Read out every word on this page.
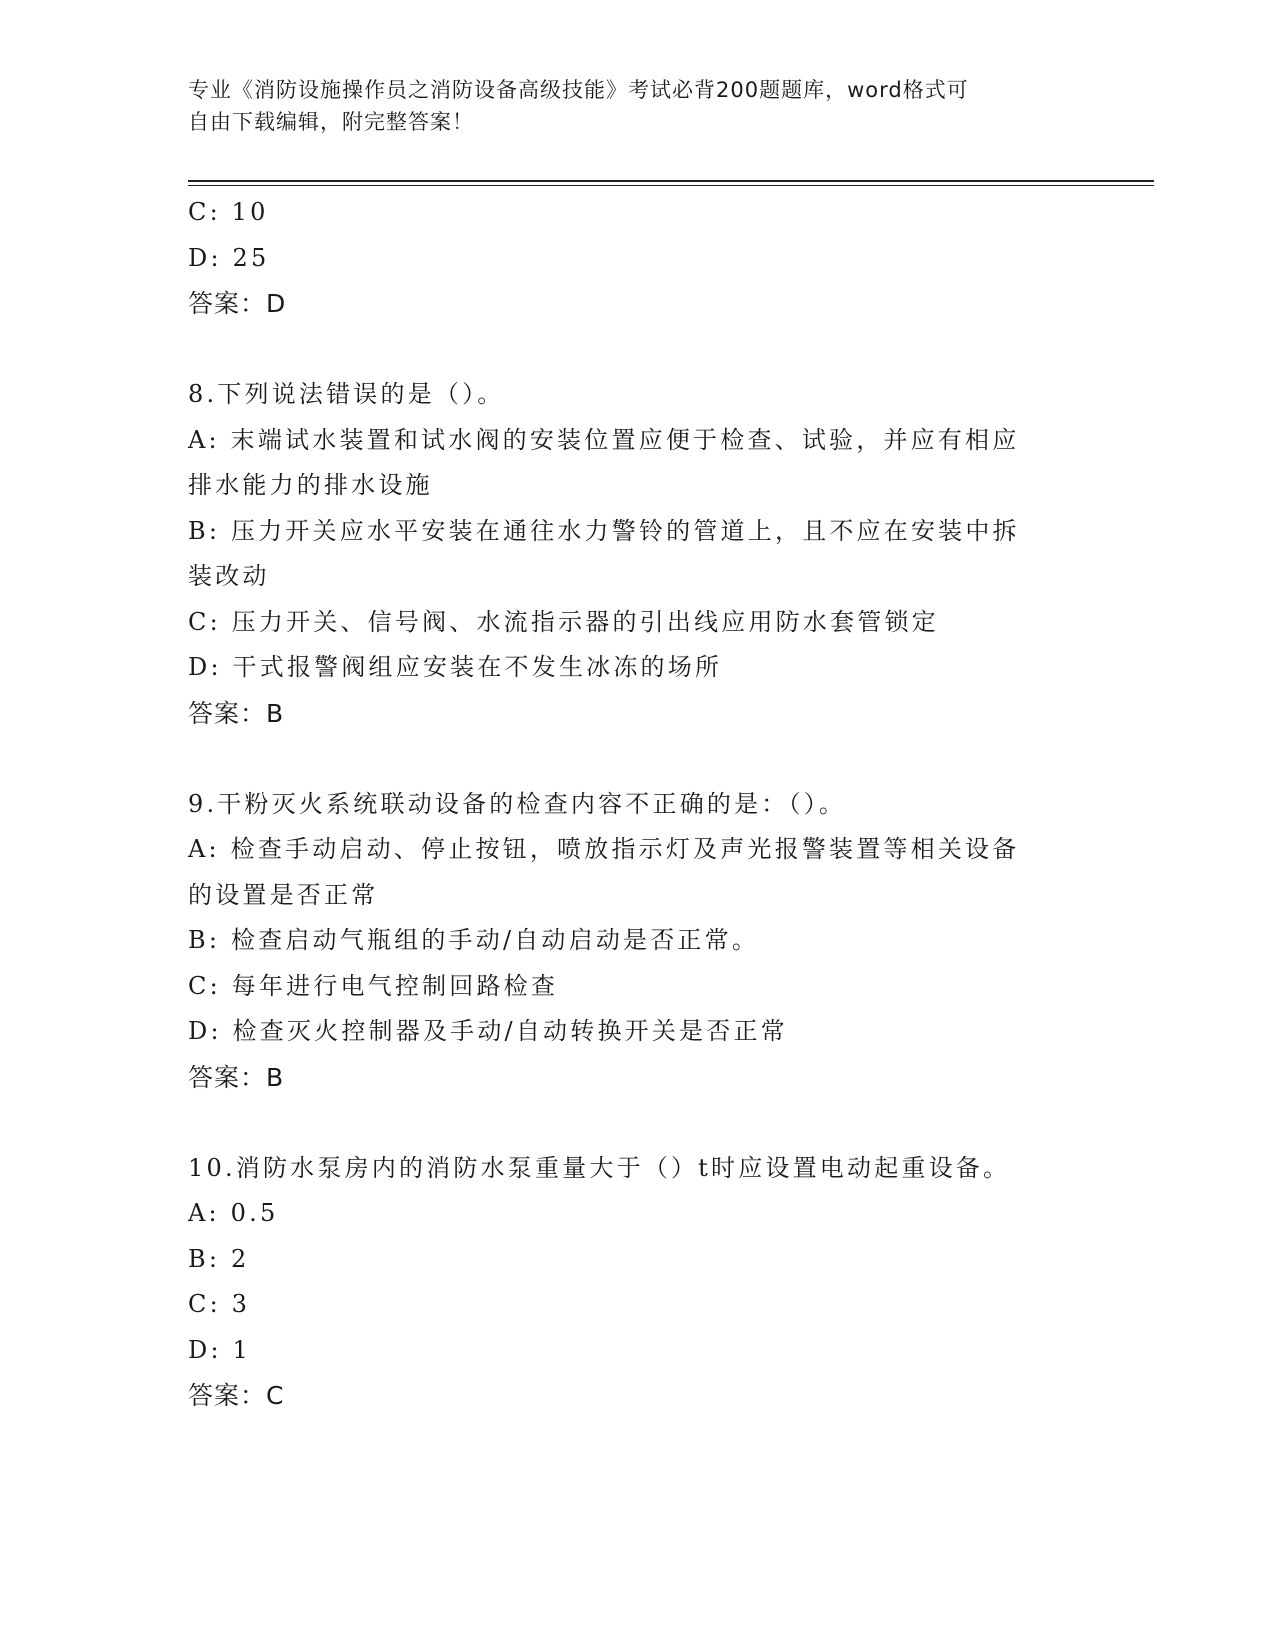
专业《消防设施操作员之消防设备高级技能》考试必背200题题库，word格式可
自由下载编辑，附完整答案！
C: 10
D: 25
答案：D
8.下列说法错误的是（）。
A: 末端试水装置和试水阀的安装位置应便于检查、试验，并应有相应
排水能力的排水设施
B: 压力开关应水平安装在通往水力警铃的管道上，且不应在安装中拆
装改动
C: 压力开关、信号阀、水流指示器的引出线应用防水套管锁定
D: 干式报警阀组应安装在不发生冰冻的场所
答案：B
9.干粉灭火系统联动设备的检查内容不正确的是：（）。
A: 检查手动启动、停止按钮，喷放指示灯及声光报警装置等相关设备
的设置是否正常
B: 检查启动气瓶组的手动/自动启动是否正常。
C: 每年进行电气控制回路检查
D: 检查灭火控制器及手动/自动转换开关是否正常
答案：B
10.消防水泵房内的消防水泵重量大于（）t时应设置电动起重设备。
A: 0.5
B: 2
C: 3
D: 1
答案：C
